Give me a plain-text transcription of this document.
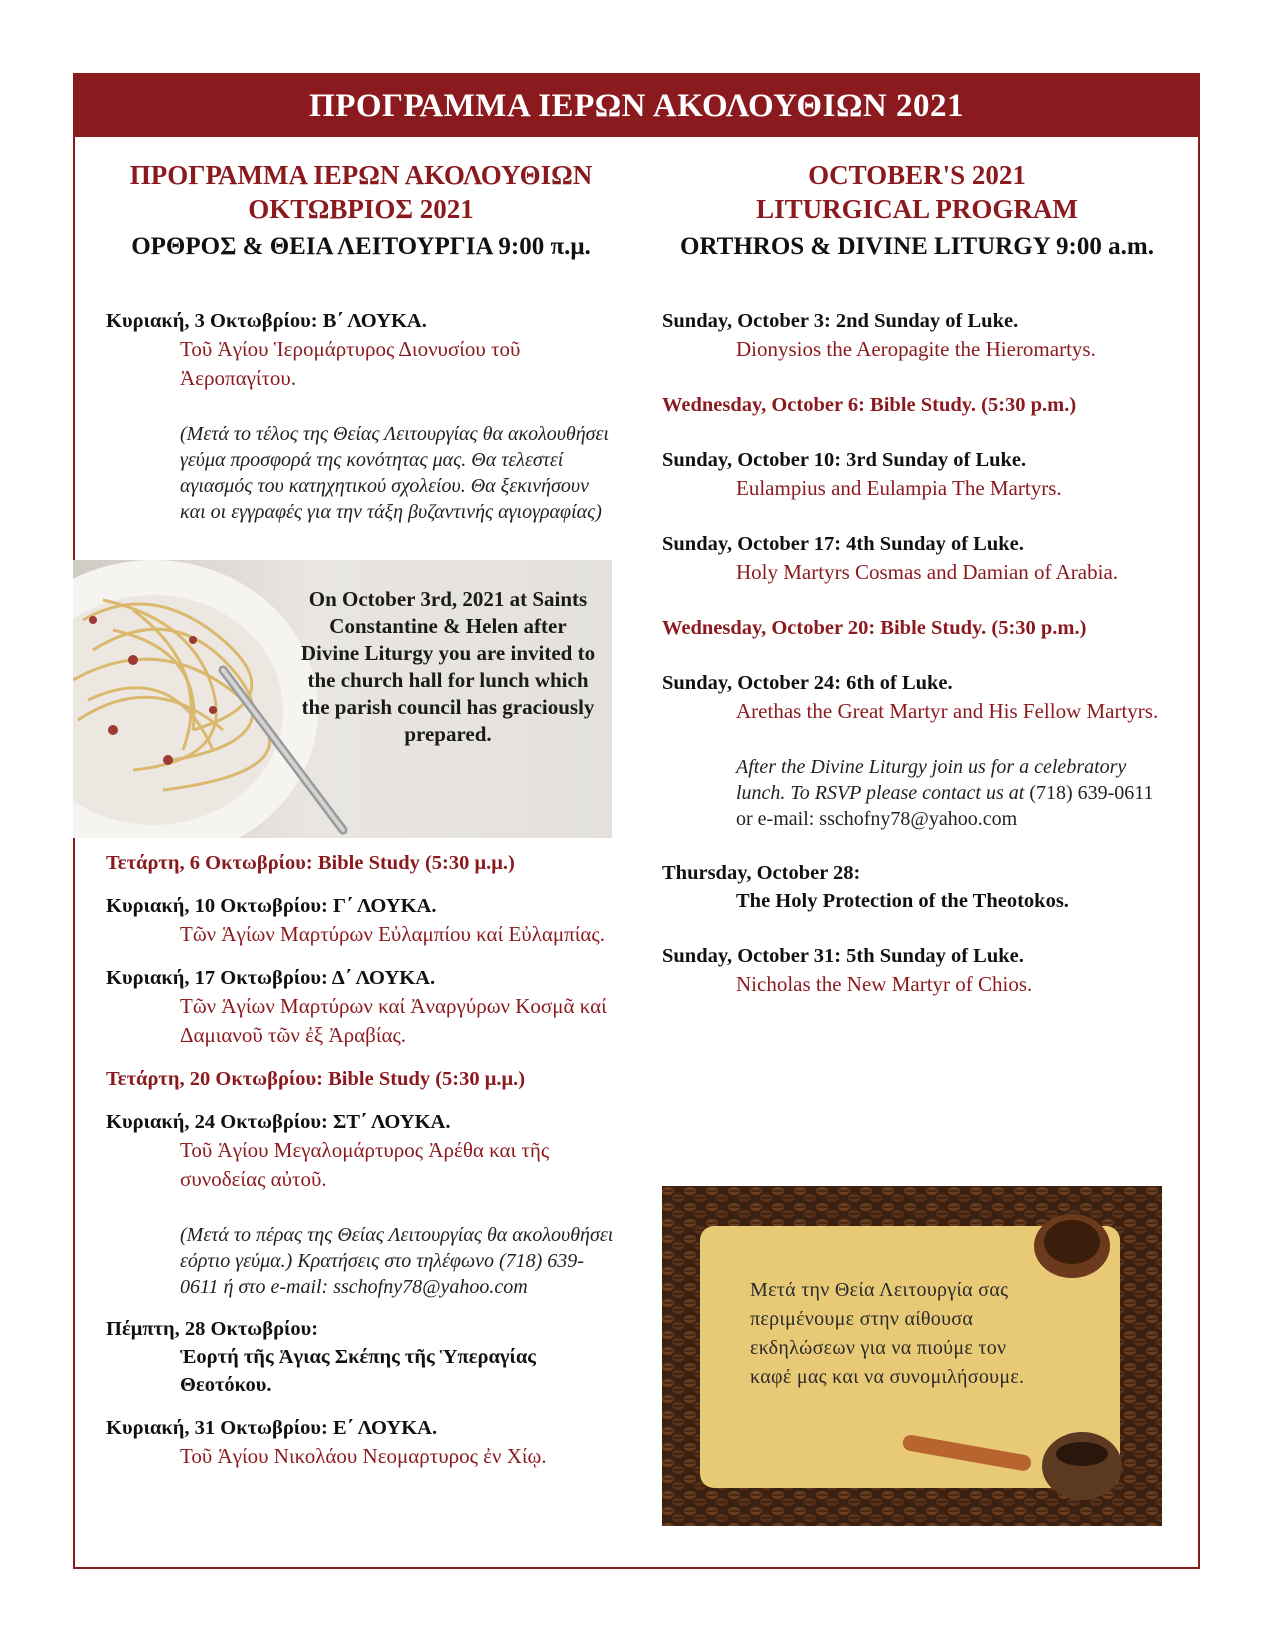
ΠΡΟΓΡΑΜΜΑ ΙΕΡΩΝ ΑΚΟΛΟΥΘΙΩΝ 2021
ΠΡΟΓΡΑΜΜΑ ΙΕΡΩΝ ΑΚΟΛΟΥΘΙΩΝ
ΟΚΤΩΒΡΙΟΣ 2021
ΟΡΘΡΟΣ & ΘΕΙΑ ΛΕΙΤΟΥΡΓΙΑ 9:00 π.μ.
Κυριακή, 3 Οκτωβρίου: Β΄ ΛΟΥΚΑ.
Τοῦ Ἁγίου Ἱερομάρτυρος Διονυσίου τοῦ Ἀεροπαγίτου.
(Μετά το τέλος της Θείας Λειτουργίας θα ακολουθήσει γεύμα προσφορά της κονότητας μας. Θα τελεστεί αγιασμός του κατηχητικού σχολείου. Θα ξεκινήσουν και οι εγγραφές για την τάξη βυζαντινής αγιογραφίας)
On October 3rd, 2021 at Saints Constantine & Helen after Divine Liturgy you are invited to the church hall for lunch which the parish council has graciously prepared.
Τετάρτη, 6 Οκτωβρίου: Bible Study (5:30 μ.μ.)
Κυριακή, 10 Οκτωβρίου: Γ΄ ΛΟΥΚΑ.
Τῶν Ἁγίων Μαρτύρων Εὐλαμπίου καί Εὐλαμπίας.
Κυριακή, 17 Οκτωβρίου: Δ΄ ΛΟΥΚΑ.
Τῶν Ἁγίων Μαρτύρων καί Ἀναργύρων Κοσμᾶ καί Δαμιανοῦ τῶν ἐξ Ἀραβίας.
Τετάρτη, 20 Οκτωβρίου: Bible Study (5:30 μ.μ.)
Κυριακή, 24 Οκτωβρίου: ΣΤ΄ ΛΟΥΚΑ.
Τοῦ Ἁγίου Μεγαλομάρτυρος Ἀρέθα και τῆς συνοδείας αὐτοῦ.
(Μετά το πέρας της Θείας Λειτουργίας θα ακολουθήσει εόρτιο γεύμα.) Κρατήσεις στο τηλέφωνο (718) 639-0611 ή στο e-mail: sschofny78@yahoo.com
Πέμπτη, 28 Οκτωβρίου:
Ἑορτή τῆς Ἁγιας Σκέπης τῆς Ὑπεραγίας Θεοτόκου.
Κυριακή, 31 Οκτωβρίου: Ε΄ ΛΟΥΚΑ.
Τοῦ Ἁγίου Νικολάου Νεομαρτυρος ἐν Χίῳ.
OCTOBER'S 2021
LITURGICAL PROGRAM
ORTHROS & DIVINE LITURGY 9:00 a.m.
Sunday, October 3: 2nd Sunday of Luke.
Dionysios the Aeropagite the Hieromartys.
Wednesday, October 6: Bible Study. (5:30 p.m.)
Sunday, October 10: 3rd Sunday of Luke.
Eulampius and Eulampia The Martyrs.
Sunday, October 17: 4th Sunday of Luke.
Holy Martyrs Cosmas and Damian of Arabia.
Wednesday, October 20: Bible Study. (5:30 p.m.)
Sunday, October 24: 6th of Luke.
Arethas the Great Martyr and His Fellow Martyrs.
After the Divine Liturgy join us for a celebratory lunch. To RSVP please contact us at (718) 639-0611 or e-mail: sschofny78@yahoo.com
Thursday, October 28:
The Holy Protection of the Theotokos.
Sunday, October 31: 5th Sunday of Luke.
Nicholas the New Martyr of Chios.
Μετά την Θεία Λειτουργία σας περιμένουμε στην αίθουσα εκδηλώσεων για να πιούμε τον καφέ μας και να συνομιλήσουμε.
